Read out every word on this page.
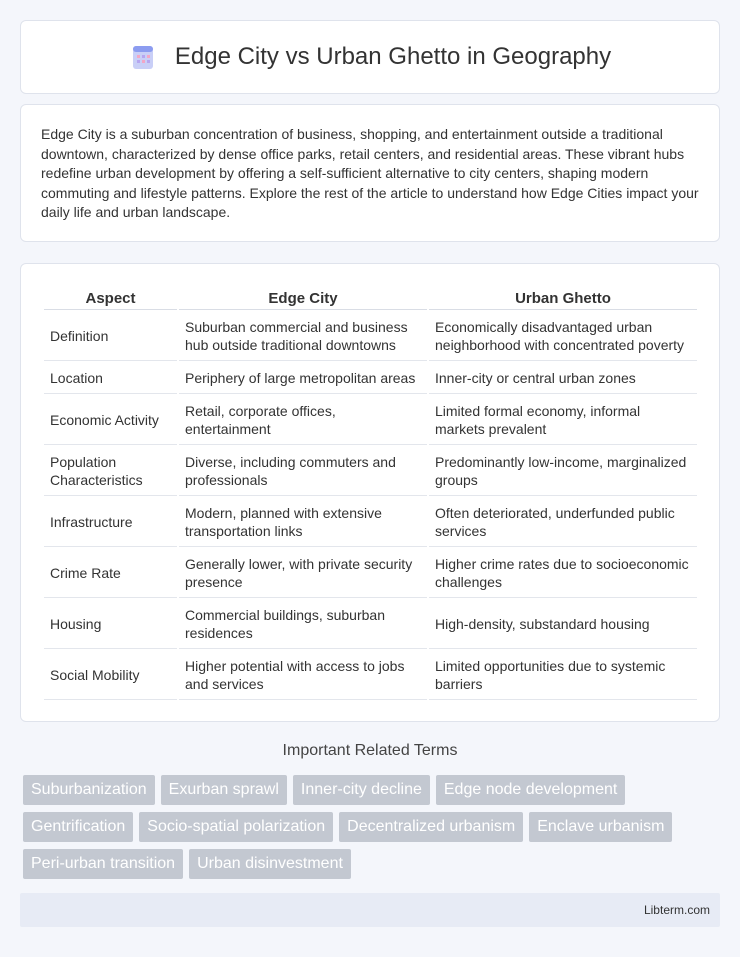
Edge City vs Urban Ghetto in Geography

Edge City is a suburban concentration of business, shopping, and entertainment outside a traditional downtown, characterized by dense office parks, retail centers, and residential areas. These vibrant hubs redefine urban development by offering a self-sufficient alternative to city centers, shaping modern commuting and lifestyle patterns. Explore the rest of the article to understand how Edge Cities impact your daily life and urban landscape.

Aspect	Edge City	Urban Ghetto
Definition	Suburban commercial and business hub outside traditional downtowns	Economically disadvantaged urban neighborhood with concentrated poverty
Location	Periphery of large metropolitan areas	Inner-city or central urban zones
Economic Activity	Retail, corporate offices, entertainment	Limited formal economy, informal markets prevalent
Population Characteristics	Diverse, including commuters and professionals	Predominantly low-income, marginalized groups
Infrastructure	Modern, planned with extensive transportation links	Often deteriorated, underfunded public services
Crime Rate	Generally lower, with private security presence	Higher crime rates due to socioeconomic challenges
Housing	Commercial buildings, suburban residences	High-density, substandard housing
Social Mobility	Higher potential with access to jobs and services	Limited opportunities due to systemic barriers
Important Related Terms
Suburbanization	Exurban sprawl	Inner-city decline	Edge node development
Gentrification	Socio-spatial polarization	Decentralized urbanism	Enclave urbanism
Peri-urban transition	Urban disinvestment
Libterm.com
